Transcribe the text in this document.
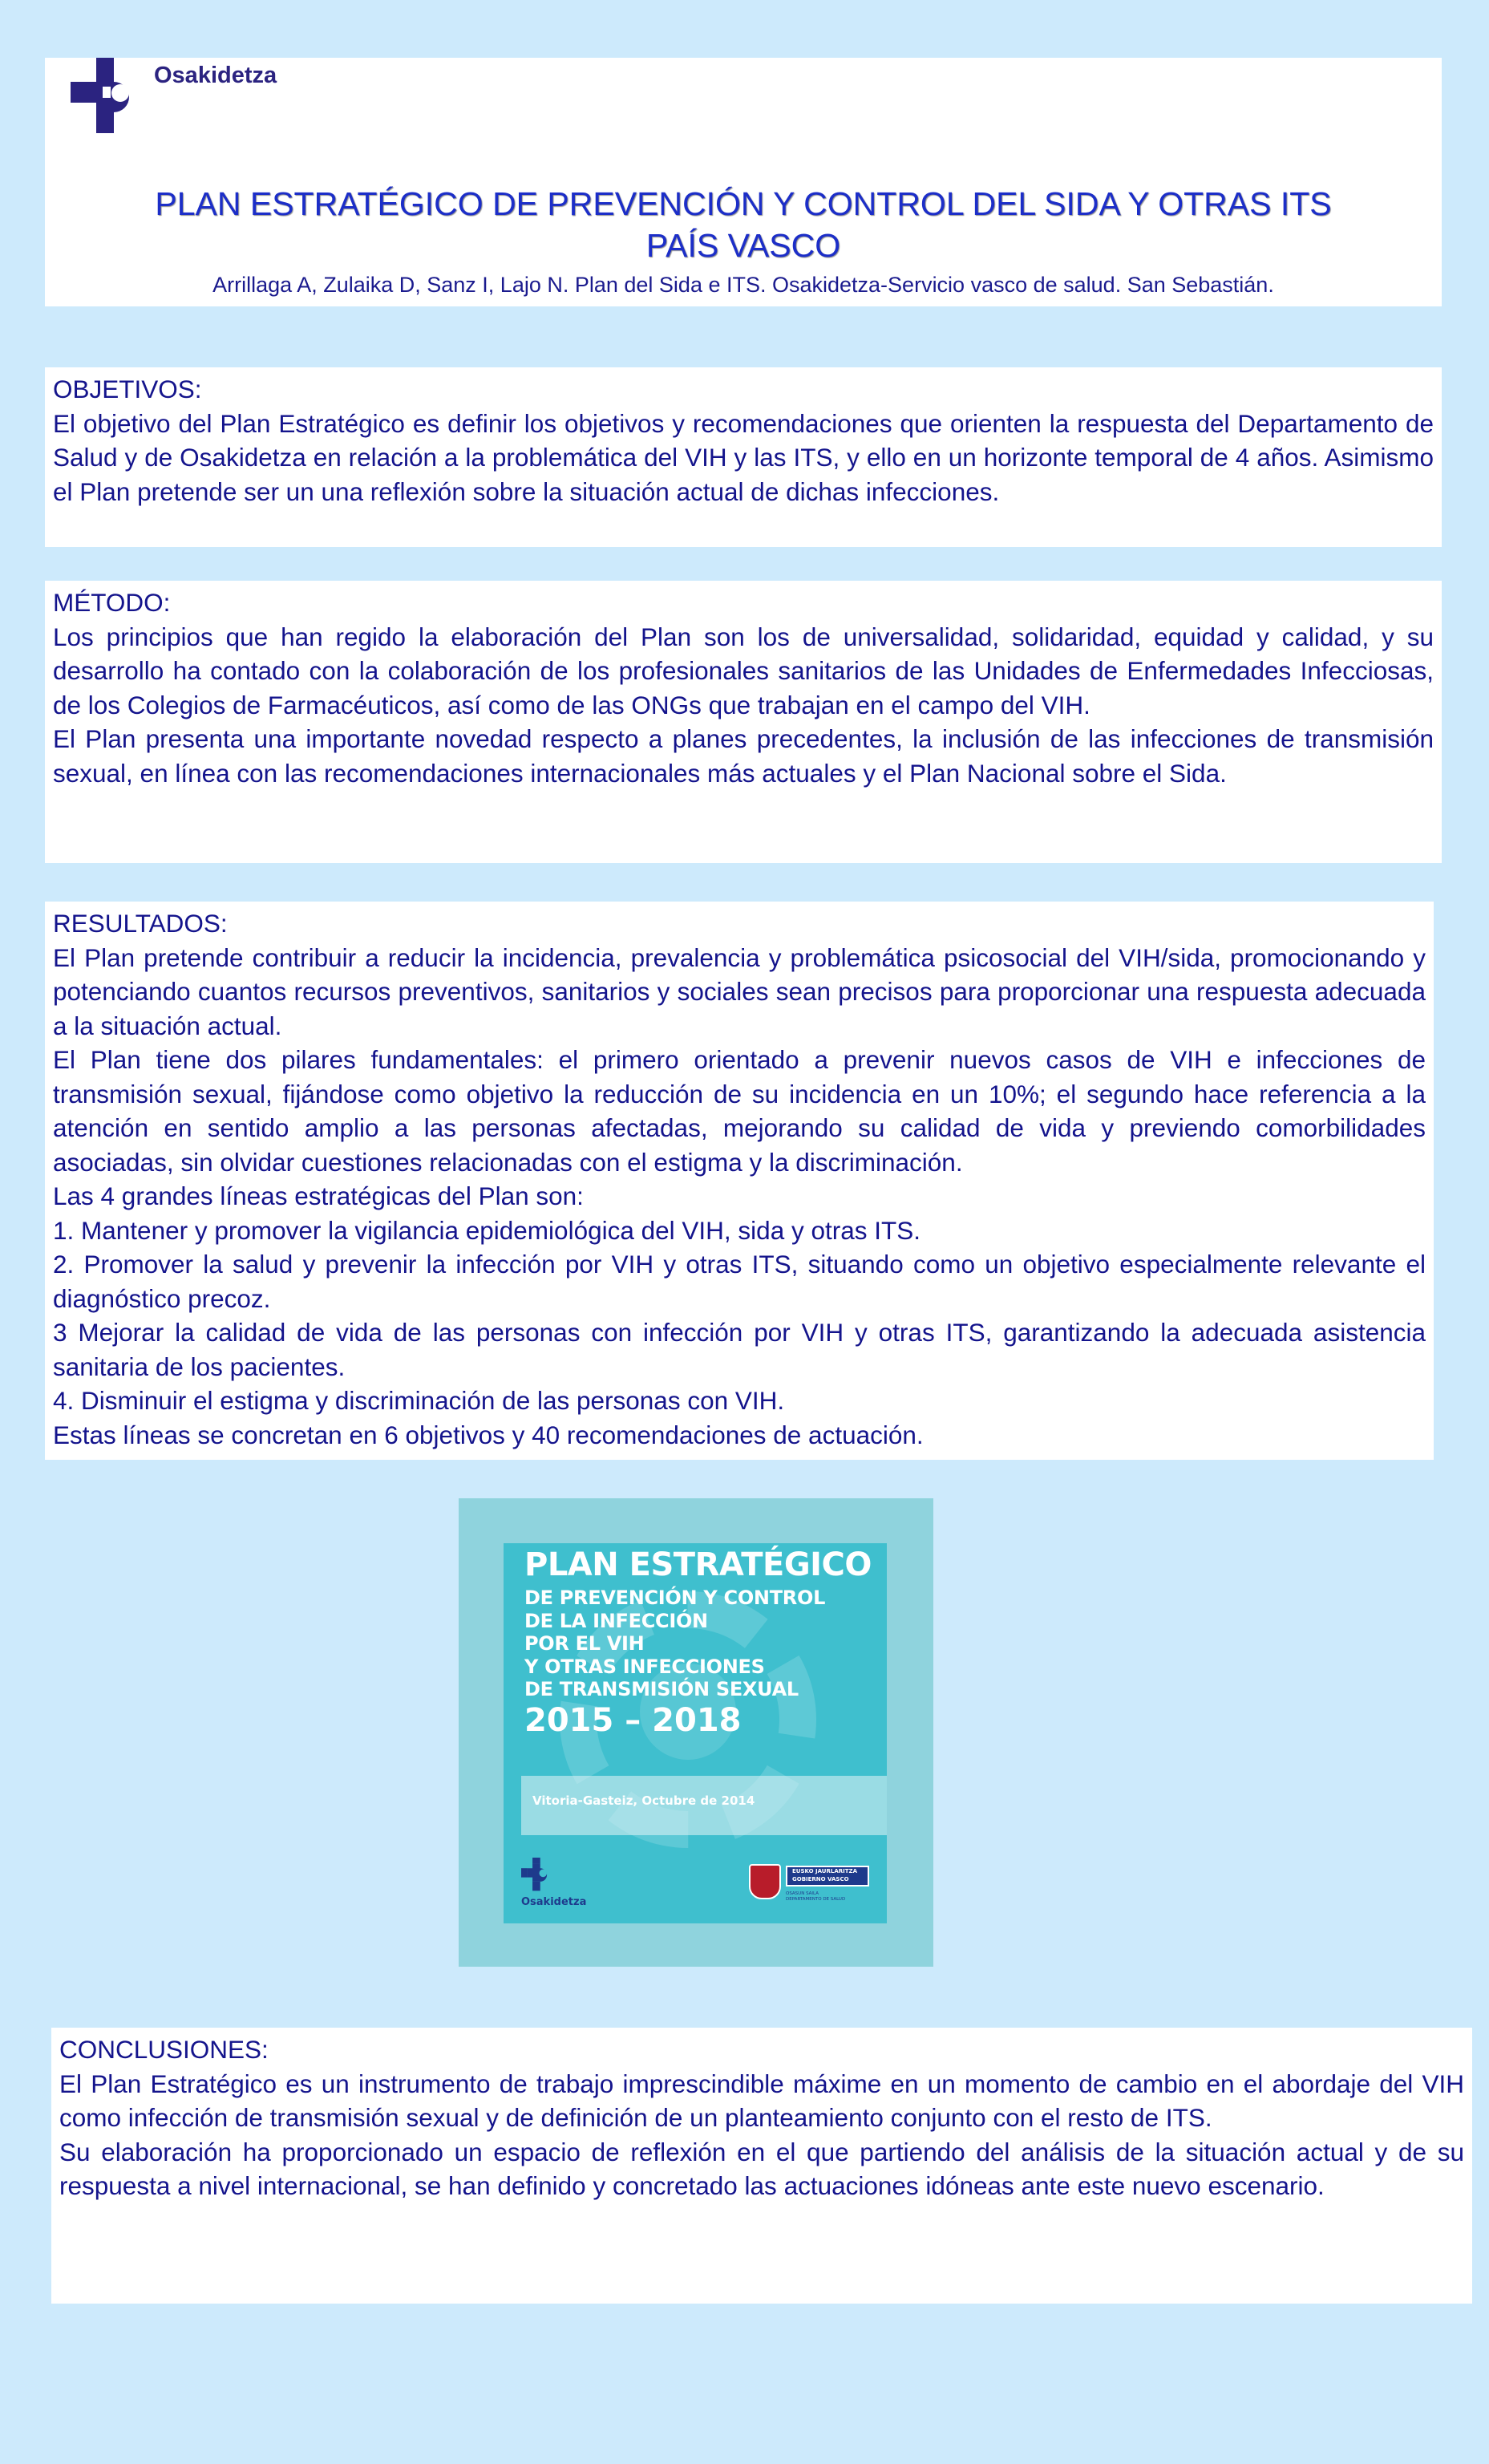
Osakidetza
PLAN ESTRATÉGICO DE PREVENCIÓN Y CONTROL DEL SIDA Y OTRAS ITS
PAÍS VASCO
Arrillaga A, Zulaika D, Sanz I, Lajo N. Plan del Sida e ITS. Osakidetza-Servicio vasco de salud. San Sebastián.

OBJETIVOS:

El objetivo del Plan Estratégico es definir los objetivos y recomendaciones que orienten la respuesta del Departamento de Salud y de Osakidetza en relación a la problemática del VIH y las ITS, y ello en un horizonte temporal de 4 años. Asimismo el Plan pretende ser un una reflexión sobre la situación actual de dichas infecciones.

MÉTODO:

Los principios que han regido la elaboración del Plan son los de universalidad, solidaridad, equidad y calidad, y su desarrollo ha contado con la colaboración de los profesionales sanitarios de las Unidades de Enfermedades Infecciosas, de los Colegios de Farmacéuticos, así como de las ONGs que trabajan en el campo del VIH.

El Plan presenta una importante novedad respecto a planes precedentes, la inclusión de las infecciones de transmisión sexual, en línea con las recomendaciones internacionales más actuales y el Plan Nacional sobre el Sida.

RESULTADOS:

El Plan pretende contribuir a reducir la incidencia, prevalencia y problemática psicosocial del VIH/sida, promocionando y potenciando cuantos recursos preventivos, sanitarios y sociales sean precisos para proporcionar una respuesta adecuada a la situación actual.

El Plan tiene dos pilares fundamentales: el primero orientado a prevenir nuevos casos de VIH e infecciones de transmisión sexual, fijándose como objetivo la reducción de su incidencia en un 10%; el segundo hace referencia a la atención en sentido amplio a las personas afectadas, mejorando su calidad de vida y previendo comorbilidades asociadas, sin olvidar cuestiones relacionadas con el estigma y la discriminación.

Las 4 grandes líneas estratégicas del Plan son:

1. Mantener y promover la vigilancia epidemiológica del VIH, sida y otras ITS.

2. Promover la salud y prevenir la infección por VIH y otras ITS, situando como un objetivo especialmente relevante el diagnóstico precoz.

3 Mejorar la calidad de vida de las personas con infección por VIH y otras ITS, garantizando la adecuada asistencia sanitaria de los pacientes.

4. Disminuir el estigma y discriminación de las personas con VIH.

Estas líneas se concretan en 6 objetivos y 40 recomendaciones de actuación.

PLAN ESTRATÉGICO
DE PREVENCIÓN Y CONTROL
DE LA INFECCIÓN
POR EL VIH
Y OTRAS INFECCIONES
DE TRANSMISIÓN SEXUAL
2015 – 2018
Vitoria-Gasteiz, Octubre de 2014
Osakidetza
EUSKO JAURLARITZA
GOBIERNO VASCO
OSASUN SAILA
DEPARTAMENTO DE SALUD

CONCLUSIONES:

El Plan Estratégico es un instrumento de trabajo imprescindible máxime en un momento de cambio en el abordaje del VIH como infección de transmisión sexual y de definición de un planteamiento conjunto con el resto de ITS.

Su elaboración ha proporcionado un espacio de reflexión en el que partiendo del análisis de la situación actual y de su respuesta a nivel internacional, se han definido y concretado las actuaciones idóneas ante este nuevo escenario.
